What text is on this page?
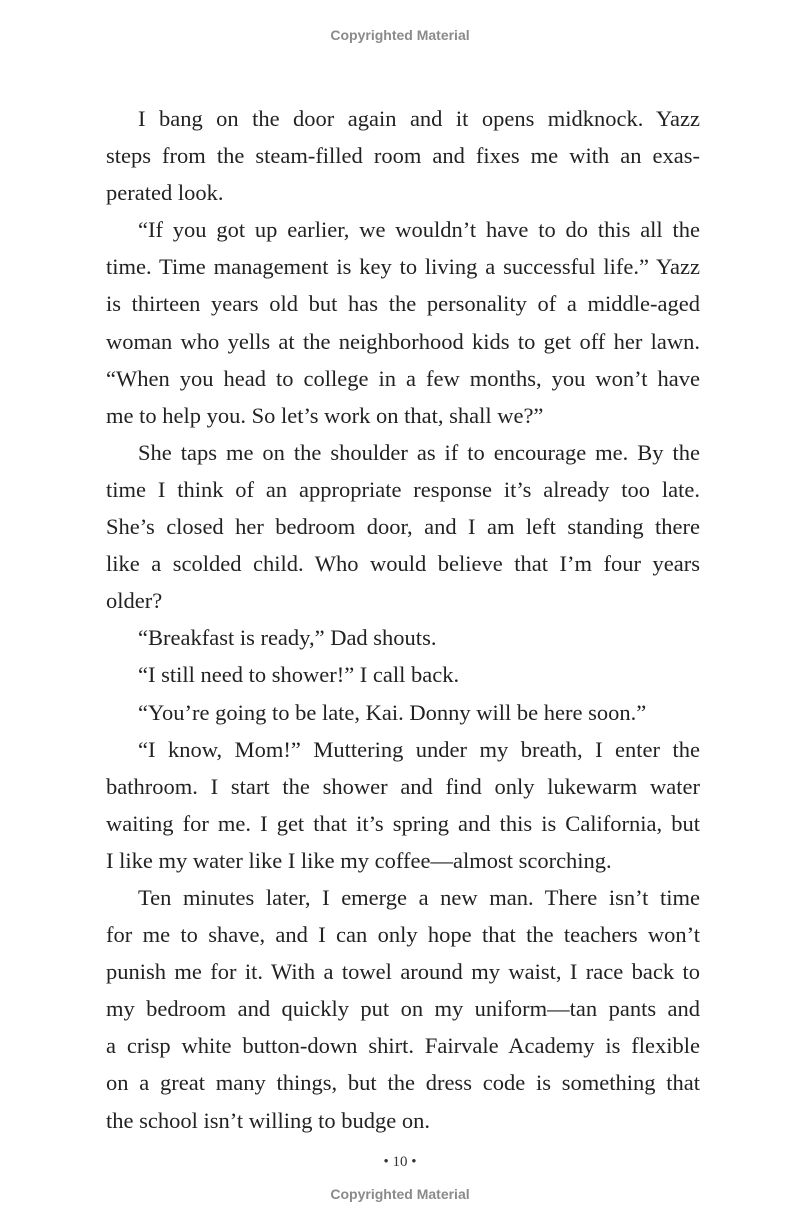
Copyrighted Material
I bang on the door again and it opens midknock. Yazz
steps from the steam-filled room and fixes me with an exas-
perated look.
“If you got up earlier, we wouldn’t have to do this all the
time. Time management is key to living a successful life.” Yazz
is thirteen years old but has the personality of a middle-aged
woman who yells at the neighborhood kids to get off her lawn.
“When you head to college in a few months, you won’t have
me to help you. So let’s work on that, shall we?”
She taps me on the shoulder as if to encourage me. By the
time I think of an appropriate response it’s already too late.
She’s closed her bedroom door, and I am left standing there
like a scolded child. Who would believe that I’m four years
older?
“Breakfast is ready,” Dad shouts.
“I still need to shower!” I call back.
“You’re going to be late, Kai. Donny will be here soon.”
“I know, Mom!” Muttering under my breath, I enter the
bathroom. I start the shower and find only lukewarm water
waiting for me. I get that it’s spring and this is California, but
I like my water like I like my coffee—almost scorching.
Ten minutes later, I emerge a new man. There isn’t time
for me to shave, and I can only hope that the teachers won’t
punish me for it. With a towel around my waist, I race back to
my bedroom and quickly put on my uniform—tan pants and
a crisp white button-down shirt. Fairvale Academy is flexible
on a great many things, but the dress code is something that
the school isn’t willing to budge on.
• 10 •
Copyrighted Material
